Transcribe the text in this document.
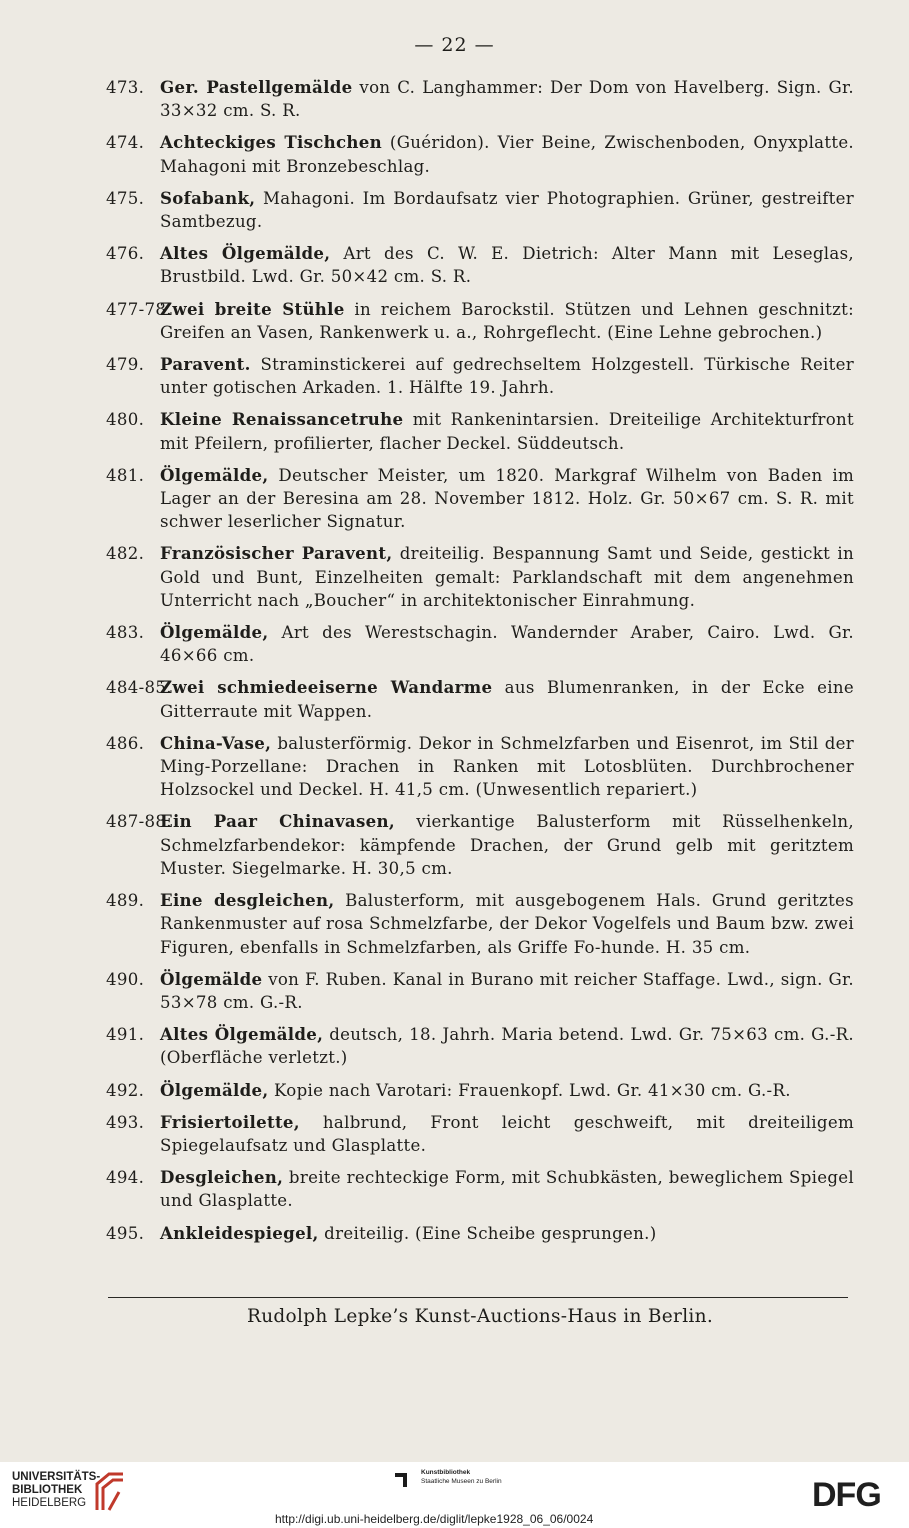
— 22 —
473. Ger. Pastellgemälde von C. Langhammer: Der Dom von Havelberg. Sign. Gr. 33×32 cm. S. R.
474. Achteckiges Tischchen (Guéridon). Vier Beine, Zwischenboden, Onyxplatte. Mahagoni mit Bronzebeschlag.
475. Sofabank, Mahagoni. Im Bordaufsatz vier Photographien. Grüner, gestreifter Samtbezug.
476. Altes Ölgemälde, Art des C. W. E. Dietrich: Alter Mann mit Leseglas, Brustbild. Lwd. Gr. 50×42 cm. S. R.
477-78.
Zwei breite Stühle in reichem Barockstil. Stützen und Lehnen geschnitzt: Greifen an Vasen, Rankenwerk u. a., Rohrgeflecht. (Eine Lehne gebrochen.)
479. Paravent. Straminstickerei auf gedrechseltem Holzgestell. Türkische Reiter unter gotischen Arkaden. 1. Hälfte 19. Jahrh.
480. Kleine Renaissancetruhe mit Rankenintarsien. Dreiteilige Architekturfront mit Pfeilern, profilierter, flacher Deckel. Süddeutsch.
481. Ölgemälde, Deutscher Meister, um 1820. Markgraf Wilhelm von Baden im Lager an der Beresina am 28. November 1812. Holz. Gr. 50×67 cm. S. R. mit schwer leserlicher Signatur.
482. Französischer Paravent, dreiteilig. Bespannung Samt und Seide, gestickt in Gold und Bunt, Einzelheiten gemalt: Parklandschaft mit dem angenehmen Unterricht nach „Boucher“ in architektonischer Einrahmung.
483. Ölgemälde, Art des Werestschagin. Wandernder Araber, Cairo. Lwd. Gr. 46×66 cm.
484-85.
Zwei schmiedeeiserne Wandarme aus Blumenranken, in der Ecke eine Gitterraute mit Wappen.
486. China-Vase, balusterförmig. Dekor in Schmelzfarben und Eisenrot, im Stil der Ming-Porzellane: Drachen in Ranken mit Lotosblüten. Durchbrochener Holzsockel und Deckel. H. 41,5 cm. (Unwesentlich repariert.)
487-88.
Ein Paar Chinavasen, vierkantige Balusterform mit Rüsselhenkeln, Schmelzfarbendekor: kämpfende Drachen, der Grund gelb mit geritztem Muster. Siegelmarke. H. 30,5 cm.
489. Eine desgleichen, Balusterform, mit ausgebogenem Hals. Grund geritztes Rankenmuster auf rosa Schmelzfarbe, der Dekor Vogelfels und Baum bzw. zwei Figuren, ebenfalls in Schmelzfarben, als Griffe Fo-hunde. H. 35 cm.
490. Ölgemälde von F. Ruben. Kanal in Burano mit reicher Staffage. Lwd., sign. Gr. 53×78 cm. G.-R.
491. Altes Ölgemälde, deutsch, 18. Jahrh. Maria betend. Lwd. Gr. 75×63 cm. G.-R. (Oberfläche verletzt.)
492. Ölgemälde, Kopie nach Varotari: Frauenkopf. Lwd. Gr. 41×30 cm. G.-R.
493. Frisiertoilette, halbrund, Front leicht geschweift, mit dreiteiligem Spiegelaufsatz und Glasplatte.
494. Desgleichen, breite rechteckige Form, mit Schubkästen, beweglichem Spiegel und Glasplatte.
495. Ankleidespiegel, dreiteilig. (Eine Scheibe gesprungen.)
Rudolph Lepke’s Kunst-Auctions-Haus in Berlin.
UNIVERSITÄTS-
BIBLIOTHEK
HEIDELBERG
Kunstbibliothek
Staatliche Museen zu Berlin	DFG
http://digi.ub.uni-heidelberg.de/diglit/lepke1928_06_06/0024
